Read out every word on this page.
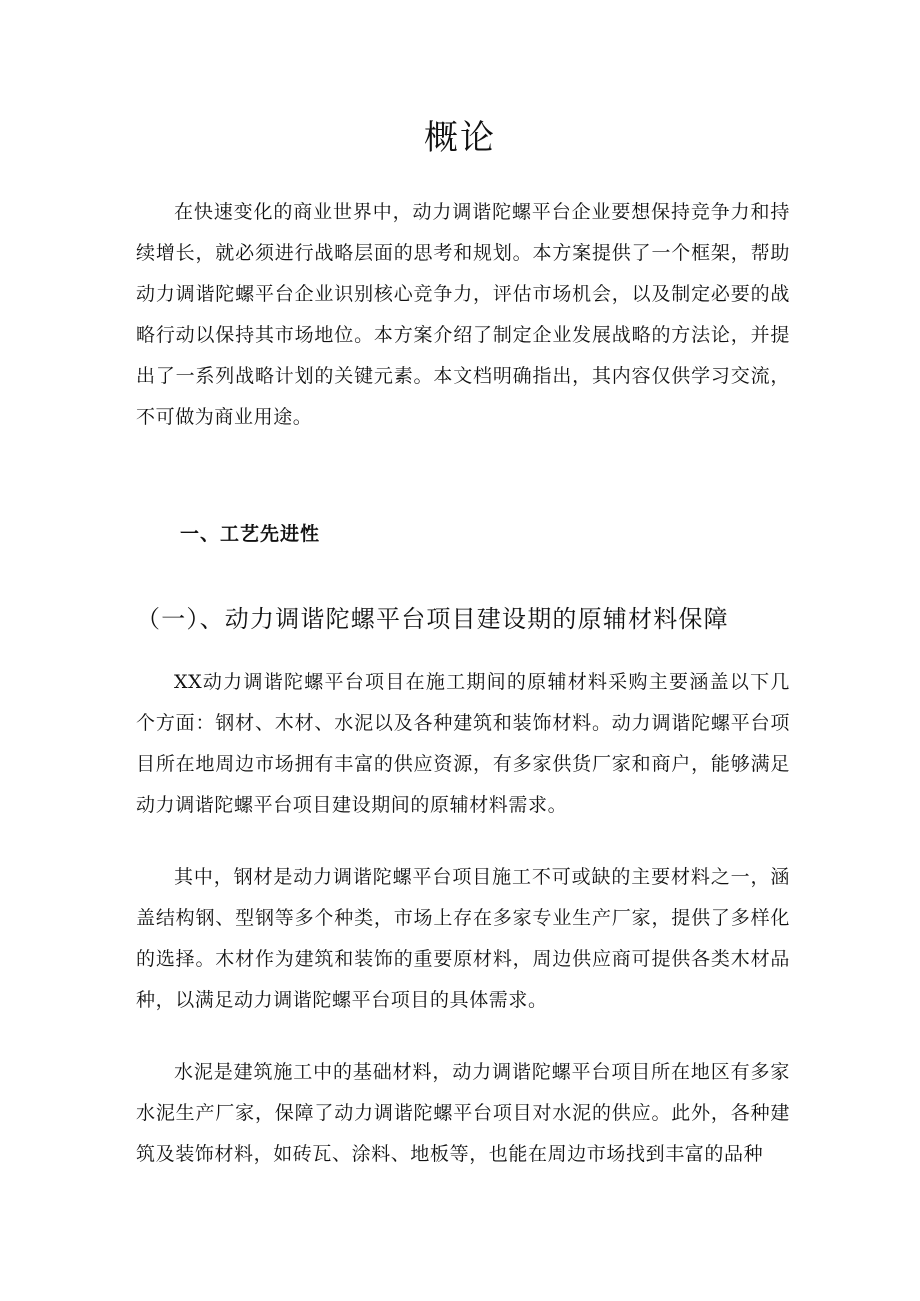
概论

在快速变化的商业世界中，动力调谐陀螺平台企业要想保持竞争力和持续增长，就必须进行战略层面的思考和规划。本方案提供了一个框架，帮助动力调谐陀螺平台企业识别核心竞争力，评估市场机会，以及制定必要的战略行动以保持其市场地位。本方案介绍了制定企业发展战略的方法论，并提出了一系列战略计划的关键元素。本文档明确指出，其内容仅供学习交流，不可做为商业用途。

一、工艺先进性
（一）、动力调谐陀螺平台项目建设期的原辅材料保障

XX动力调谐陀螺平台项目在施工期间的原辅材料采购主要涵盖以下几个方面：钢材、木材、水泥以及各种建筑和装饰材料。动力调谐陀螺平台项目所在地周边市场拥有丰富的供应资源，有多家供货厂家和商户，能够满足动力调谐陀螺平台项目建设期间的原辅材料需求。

其中，钢材是动力调谐陀螺平台项目施工不可或缺的主要材料之一，涵盖结构钢、型钢等多个种类，市场上存在多家专业生产厂家，提供了多样化的选择。木材作为建筑和装饰的重要原材料，周边供应商可提供各类木材品种，以满足动力调谐陀螺平台项目的具体需求。

水泥是建筑施工中的基础材料，动力调谐陀螺平台项目所在地区有多家水泥生产厂家，保障了动力调谐陀螺平台项目对水泥的供应。此外，各种建筑及装饰材料，如砖瓦、涂料、地板等，也能在周边市场找到丰富的品种
